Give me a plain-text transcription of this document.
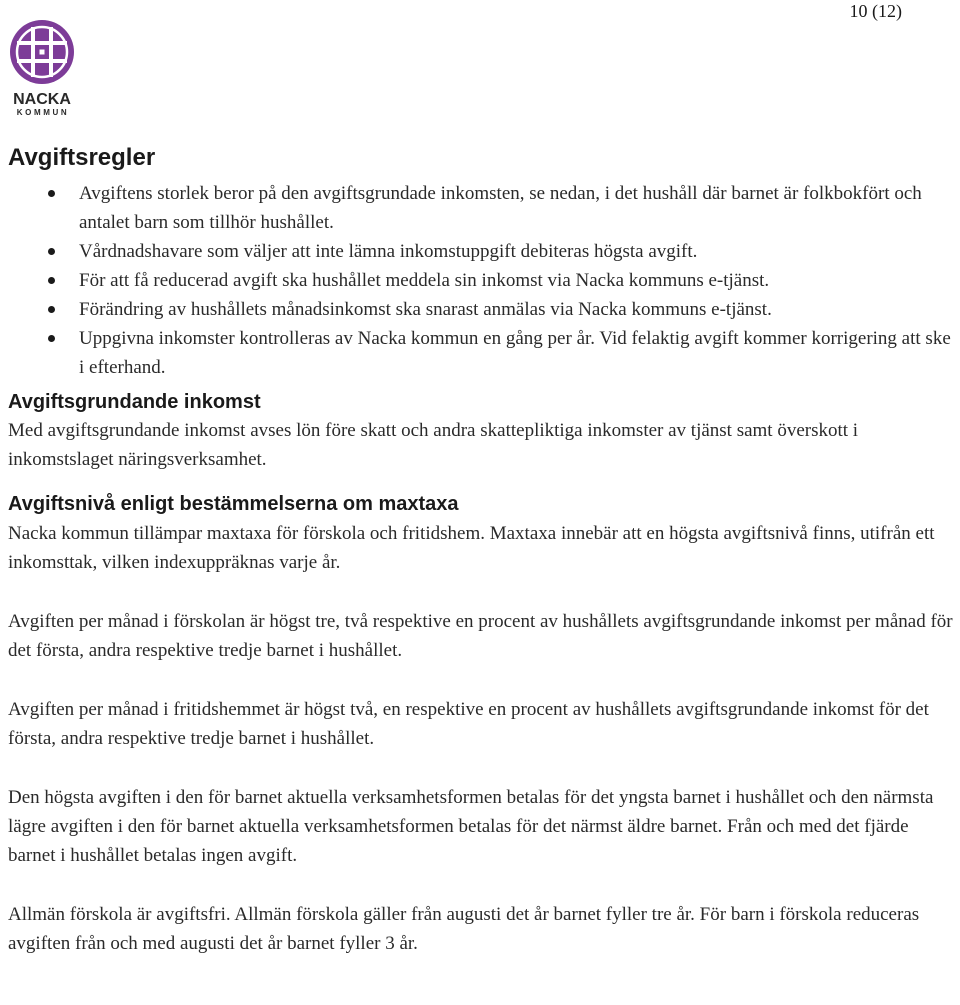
10 (12)
NACKA
KOMMUN
Avgiftsregler
Avgiftens storlek beror på den avgiftsgrundade inkomsten, se nedan, i det hushåll där barnet är folkbokfört och antalet barn som tillhör hushållet.
Vårdnadshavare som väljer att inte lämna inkomstuppgift debiteras högsta avgift.
För att få reducerad avgift ska hushållet meddela sin inkomst via Nacka kommuns e-tjänst.
Förändring av hushållets månadsinkomst ska snarast anmälas via Nacka kommuns e-tjänst.
Uppgivna inkomster kontrolleras av Nacka kommun en gång per år. Vid felaktig avgift kommer korrigering att ske i efterhand.
Avgiftsgrundande inkomst

Med avgiftsgrundande inkomst avses lön före skatt och andra skattepliktiga inkomster av tjänst samt överskott i inkomstslaget näringsverksamhet.

Avgiftsnivå enligt bestämmelserna om maxtaxa

Nacka kommun tillämpar maxtaxa för förskola och fritidshem. Maxtaxa innebär att en högsta avgiftsnivå finns, utifrån ett inkomsttak, vilken indexuppräknas varje år.

Avgiften per månad i förskolan är högst tre, två respektive en procent av hushållets avgiftsgrundande inkomst per månad för det första, andra respektive tredje barnet i hushållet.

Avgiften per månad i fritidshemmet är högst två, en respektive en procent av hushållets avgiftsgrundande inkomst för det första, andra respektive tredje barnet i hushållet.

Den högsta avgiften i den för barnet aktuella verksamhetsformen betalas för det yngsta barnet i hushållet och den närmsta lägre avgiften i den för barnet aktuella verksamhetsformen betalas för det närmst äldre barnet. Från och med det fjärde barnet i hushållet betalas ingen avgift.

Allmän förskola är avgiftsfri. Allmän förskola gäller från augusti det år barnet fyller tre år. För barn i förskola reduceras avgiften från och med augusti det år barnet fyller 3 år.
